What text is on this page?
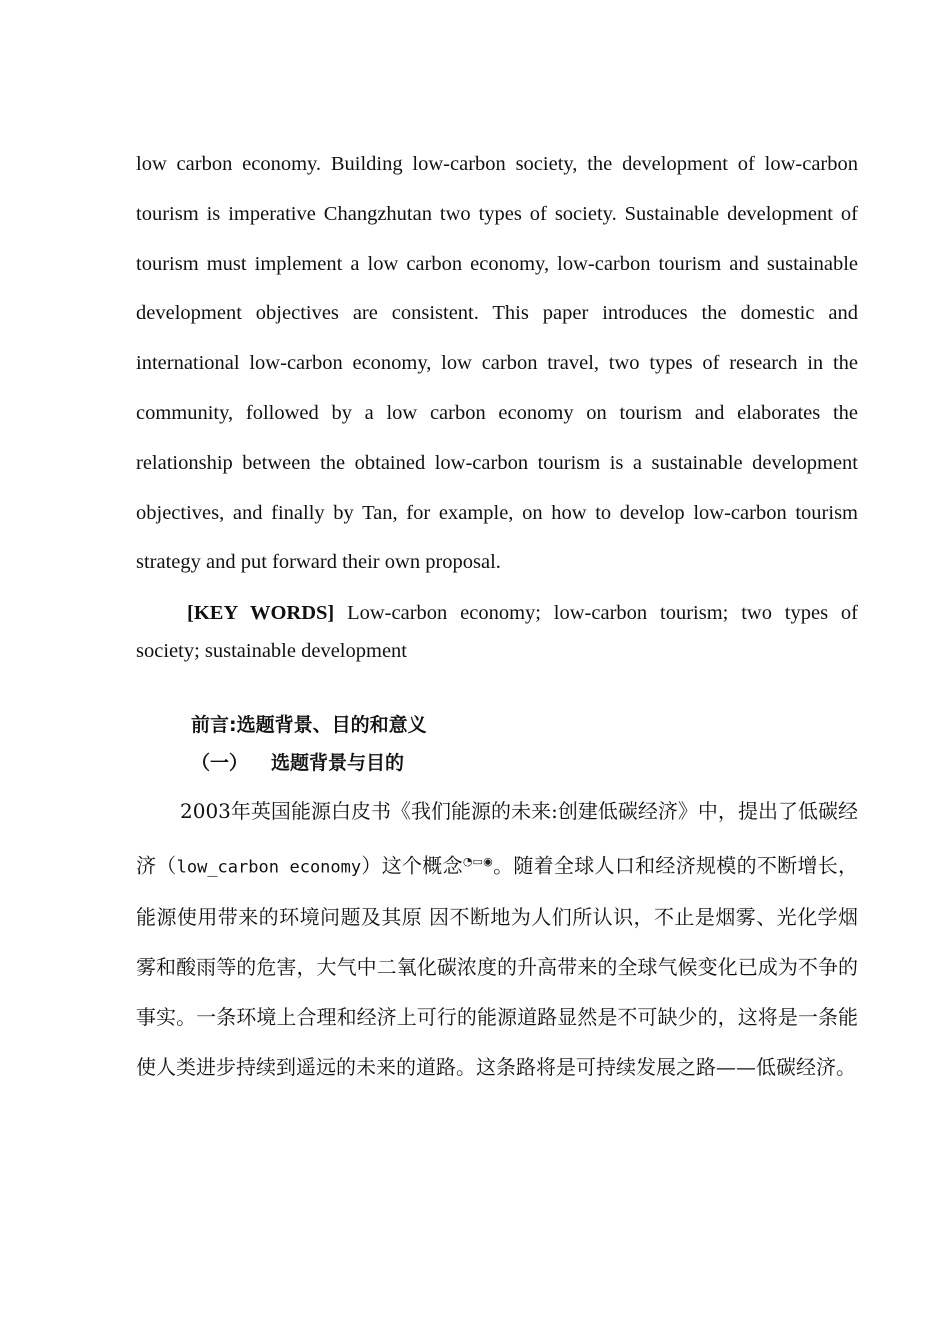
low carbon economy. Building low-carbon society, the development of low-carbon tourism is imperative Changzhutan two types of society. Sustainable development of tourism must implement a low carbon economy, low-carbon tourism and sustainable development objectives are consistent. This paper introduces the domestic and international low-carbon economy, low carbon travel, two types of research in the community, followed by a low carbon economy on tourism and elaborates the relationship between the obtained low-carbon tourism is a sustainable development objectives, and finally by Tan, for example, on how to develop low-carbon tourism strategy and put forward their own proposal.

[KEY WORDS] Low-carbon economy; low-carbon tourism; two types of society; sustainable development

前言:选题背景、目的和意义

（一） 选题背景与目的

2003年英国能源白皮书《我们能源的未来:创建低碳经济》中，提出了低碳经济（low_carbon economy）这个概念◔▭◉。随着全球人口和经济规模的不断增长，能源使用带来的环境问题及其原 因不断地为人们所认识，不止是烟雾、光化学烟雾和酸雨等的危害，大气中二氧化碳浓度的升高带来的全球气候变化已成为不争的事实。一条环境上合理和经济上可行的能源道路显然是不可缺少的，这将是一条能使人类进步持续到遥远的未来的道路。这条路将是可持续发展之路——低碳经济。
